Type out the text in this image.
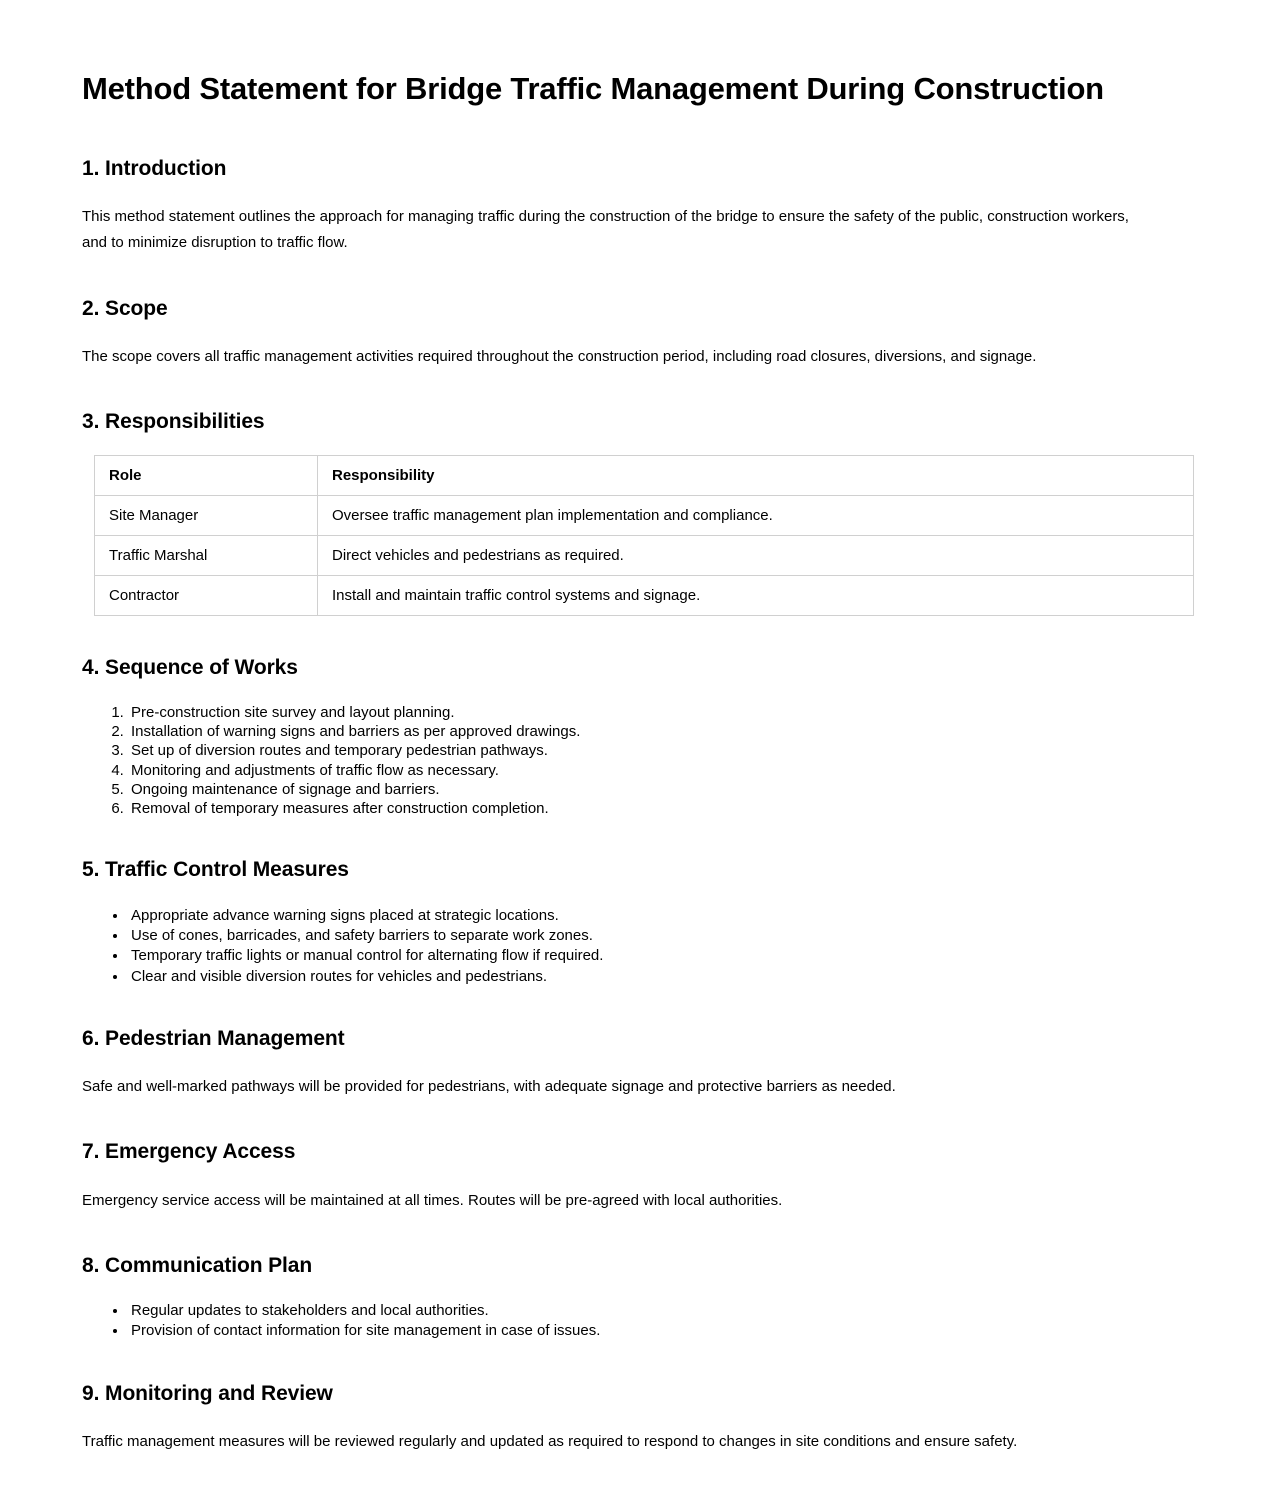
Method Statement for Bridge Traffic Management During Construction
1. Introduction

This method statement outlines the approach for managing traffic during the construction of the bridge to ensure the safety of the public, construction workers, and to minimize disruption to traffic flow.

2. Scope

The scope covers all traffic management activities required throughout the construction period, including road closures, diversions, and signage.

3. Responsibilities
Role	Responsibility
Site Manager	Oversee traffic management plan implementation and compliance.
Traffic Marshal	Direct vehicles and pedestrians as required.
Contractor	Install and maintain traffic control systems and signage.
4. Sequence of Works
1. Pre-construction site survey and layout planning.
2. Installation of warning signs and barriers as per approved drawings.
3. Set up of diversion routes and temporary pedestrian pathways.
4. Monitoring and adjustments of traffic flow as necessary.
5. Ongoing maintenance of signage and barriers.
6. Removal of temporary measures after construction completion.
5. Traffic Control Measures
• Appropriate advance warning signs placed at strategic locations.
• Use of cones, barricades, and safety barriers to separate work zones.
• Temporary traffic lights or manual control for alternating flow if required.
• Clear and visible diversion routes for vehicles and pedestrians.
6. Pedestrian Management

Safe and well-marked pathways will be provided for pedestrians, with adequate signage and protective barriers as needed.

7. Emergency Access

Emergency service access will be maintained at all times. Routes will be pre-agreed with local authorities.

8. Communication Plan
• Regular updates to stakeholders and local authorities.
• Provision of contact information for site management in case of issues.
9. Monitoring and Review

Traffic management measures will be reviewed regularly and updated as required to respond to changes in site conditions and ensure safety.
